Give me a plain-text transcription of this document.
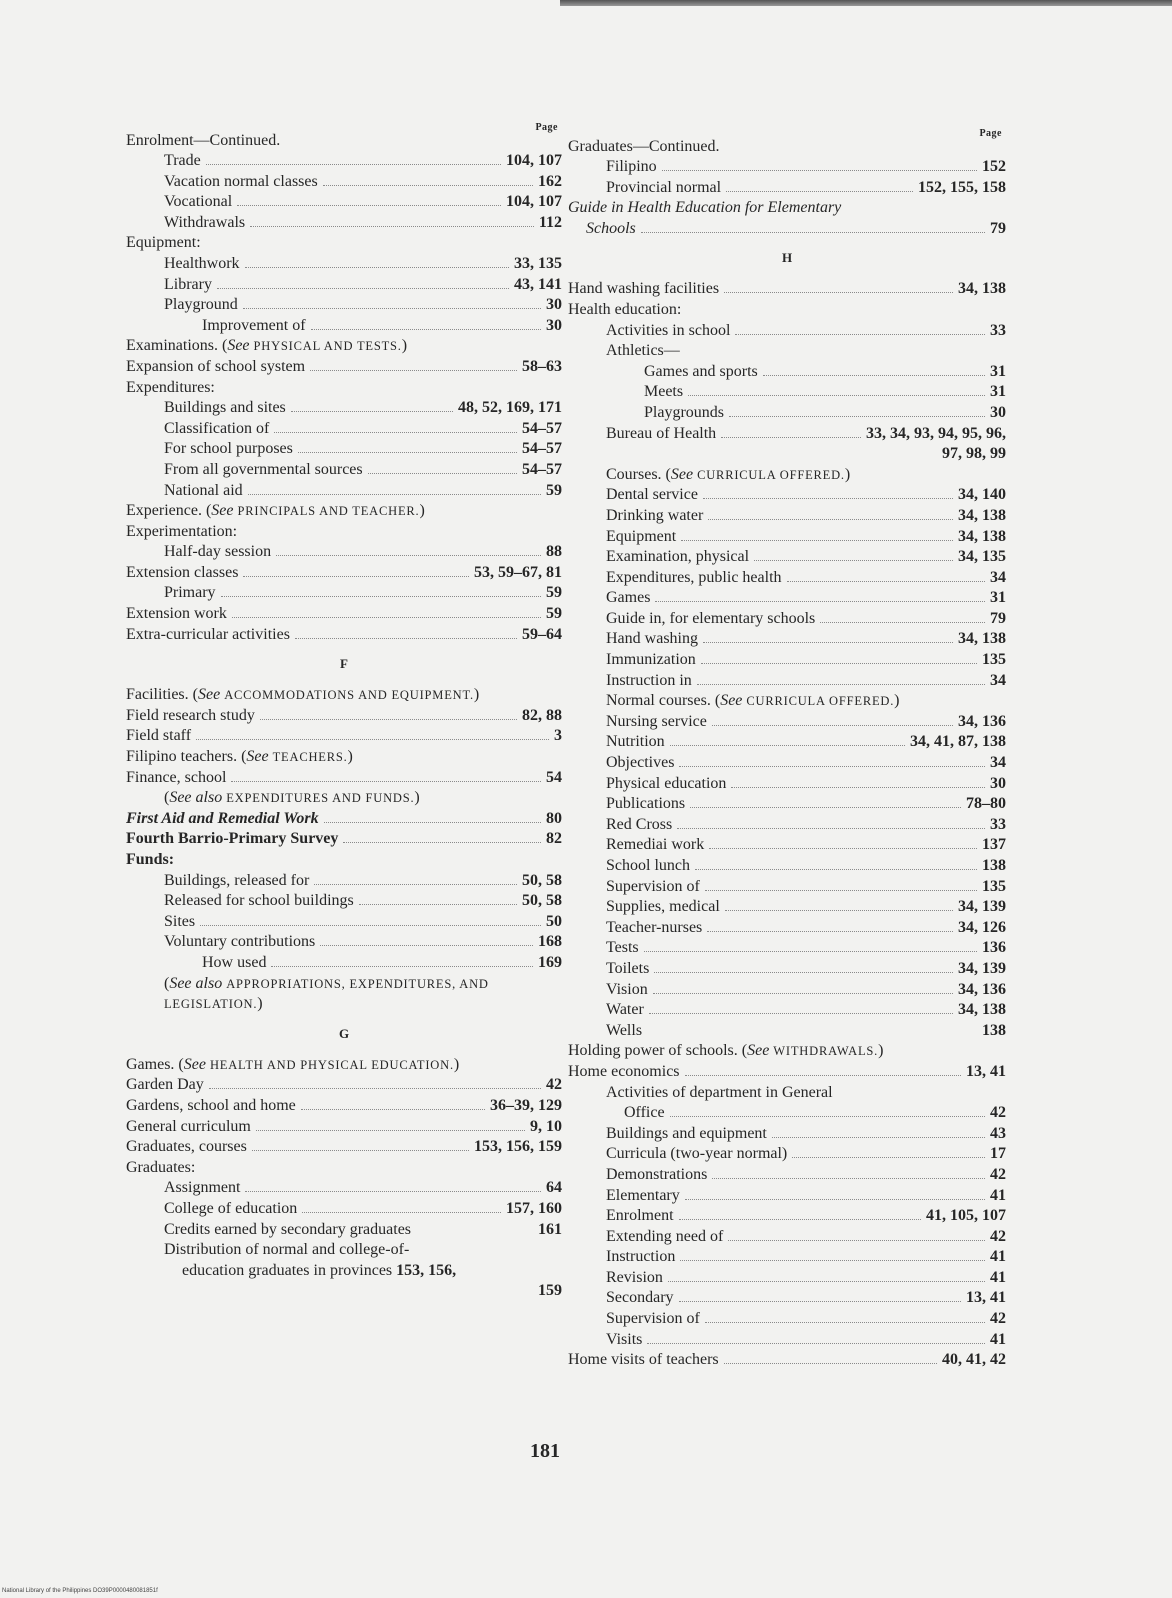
Page
Enrolment—Continued.
Trade	104, 107
Vacation normal classes	162
Vocational	104, 107
Withdrawals	112
Equipment:
Healthwork	33, 135
Library	43, 141
Playground	30
Improvement of	30
Examinations. (See PHYSICAL AND TESTS.)
Expansion of school system	58–63
Expenditures:
Buildings and sites	48, 52, 169, 171
Classification of	54–57
For school purposes	54–57
From all governmental sources	54–57
National aid	59
Experience. (See PRINCIPALS AND TEACHER.)
Experimentation:
Half-day session	88
Extension classes	53, 59–67, 81
Primary	59
Extension work	59
Extra-curricular activities	59–64
F
Facilities. (See ACCOMMODATIONS AND EQUIPMENT.)
Field research study	82, 88
Field staff	3
Filipino teachers. (See TEACHERS.)
Finance, school	54
(See also EXPENDITURES AND FUNDS.)
First Aid and Remedial Work	80
Fourth Barrio-Primary Survey	82
Funds:
Buildings, released for	50, 58
Released for school buildings	50, 58
Sites	50
Voluntary contributions	168
How used	169
(See also APPROPRIATIONS, EXPENDITURES, AND LEGISLATION.)
G
Games. (See HEALTH AND PHYSICAL EDUCATION.)
Garden Day	42
Gardens, school and home	36–39, 129
General curriculum	9, 10
Graduates, courses	153, 156, 159
Graduates:
Assignment	64
College of education	157, 160
Credits earned by secondary graduates	161
Distribution of normal and college-of-
education graduates in provinces 153, 156,
159
Page
Graduates—Continued.
Filipino	152
Provincial normal	152, 155, 158
Guide in Health Education for Elementary
Schools	79
H
Hand washing facilities	34, 138
Health education:
Activities in school	33
Athletics—
Games and sports	31
Meets	31
Playgrounds	30
Bureau of Health	33, 34, 93, 94, 95, 96,
97, 98, 99
Courses. (See CURRICULA OFFERED.)
Dental service	34, 140
Drinking water	34, 138
Equipment	34, 138
Examination, physical	34, 135
Expenditures, public health	34
Games	31
Guide in, for elementary schools	79
Hand washing	34, 138
Immunization	135
Instruction in	34
Normal courses. (See CURRICULA OFFERED.)
Nursing service	34, 136
Nutrition	34, 41, 87, 138
Objectives	34
Physical education	30
Publications	78–80
Red Cross	33
Remediai work	137
School lunch	138
Supervision of	135
Supplies, medical	34, 139
Teacher-nurses	34, 126
Tests	136
Toilets	34, 139
Vision	34, 136
Water	34, 138
Wells	138
Holding power of schools. (See WITHDRAWALS.)
Home economics	13, 41
Activities of department in General
Office	42
Buildings and equipment	43
Curricula (two-year normal)	17
Demonstrations	42
Elementary	41
Enrolment	41, 105, 107
Extending need of	42
Instruction	41
Revision	41
Secondary	13, 41
Supervision of	42
Visits	41
Home visits of teachers	40, 41, 42
181
National Library of the Philippines DO39P0000480081851f
